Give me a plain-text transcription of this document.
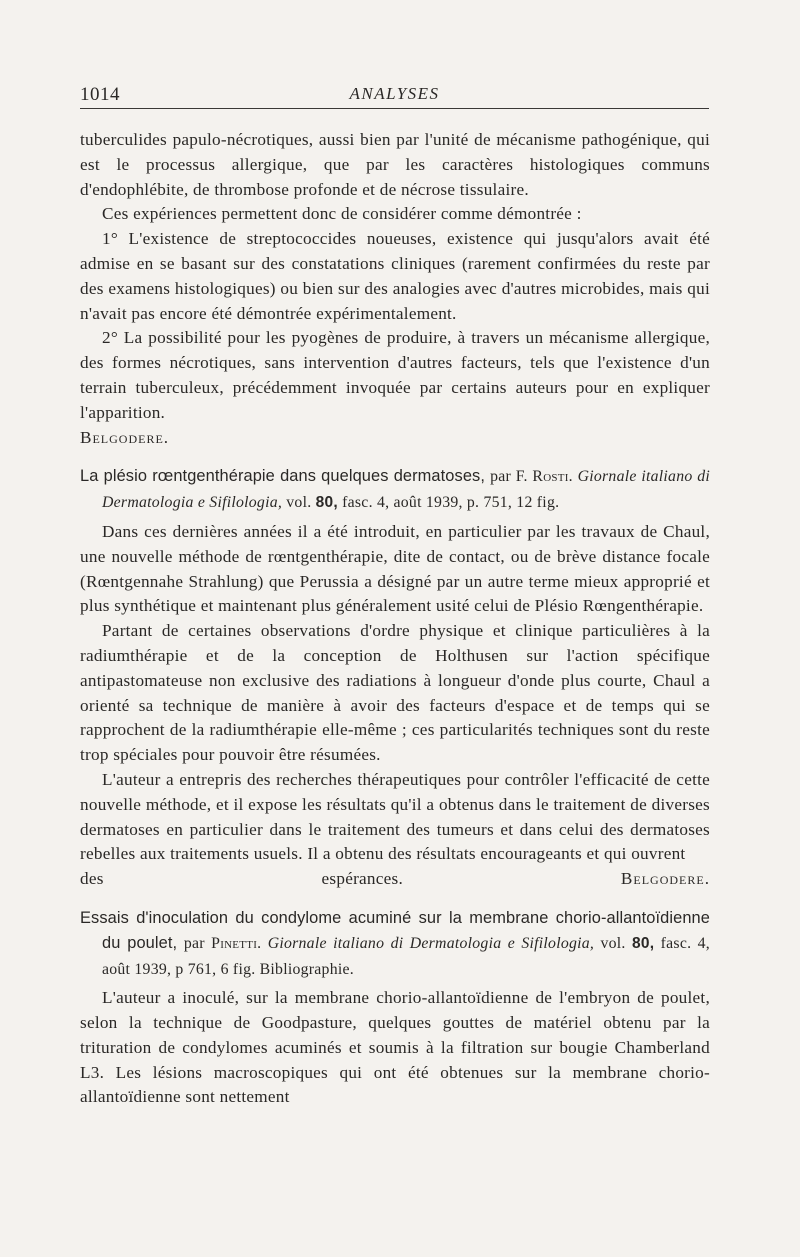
1014	ANALYSES

tuberculides papulo-nécrotiques, aussi bien par l'unité de mécanisme pathogénique, qui est le processus allergique, que par les caractères histologiques communs d'endophlébite, de thrombose profonde et de nécrose tissulaire.

Ces expériences permettent donc de considérer comme démontrée :

1° L'existence de streptococcides noueuses, existence qui jusqu'alors avait été admise en se basant sur des constatations cliniques (rarement confirmées du reste par des examens histologiques) ou bien sur des analogies avec d'autres microbides, mais qui n'avait pas encore été démontrée expérimentalement.

2° La possibilité pour les pyogènes de produire, à travers un mécanisme allergique, des formes nécrotiques, sans intervention d'autres facteurs, tels que l'existence d'un terrain tuberculeux, précédemment invoquée par certains auteurs pour en expliquer l'apparition.

Belgodere.

La plésio rœntgenthérapie dans quelques dermatoses, par F. Rosti. Giornale italiano di Dermatologia e Sifilologia, vol. 80, fasc. 4, août 1939, p. 751, 12 fig.

Dans ces dernières années il a été introduit, en particulier par les travaux de Chaul, une nouvelle méthode de rœntgenthérapie, dite de contact, ou de brève distance focale (Rœntgennahe Strahlung) que Perussia a désigné par un autre terme mieux approprié et plus synthétique et maintenant plus généralement usité celui de Plésio Rœngenthérapie.

Partant de certaines observations d'ordre physique et clinique particulières à la radiumthérapie et de la conception de Holthusen sur l'action spécifique antipastomateuse non exclusive des radiations à longueur d'onde plus courte, Chaul a orienté sa technique de manière à avoir des facteurs d'espace et de temps qui se rapprochent de la radiumthérapie elle-même ; ces particularités techniques sont du reste trop spéciales pour pouvoir être résumées.

L'auteur a entrepris des recherches thérapeutiques pour contrôler l'efficacité de cette nouvelle méthode, et il expose les résultats qu'il a obtenus dans le traitement de diverses dermatoses en particulier dans le traitement des tumeurs et dans celui des dermatoses rebelles aux traitements usuels. Il a obtenu des résultats encourageants et qui ouvrent

des espérances.	Belgodere.

Essais d'inoculation du condylome acuminé sur la membrane chorio-allantoïdienne du poulet, par Pinetti. Giornale italiano di Dermatologia e Sifilologia, vol. 80, fasc. 4, août 1939, p 761, 6 fig. Bibliographie.

L'auteur a inoculé, sur la membrane chorio-allantoïdienne de l'embryon de poulet, selon la technique de Goodpasture, quelques gouttes de matériel obtenu par la trituration de condylomes acuminés et soumis à la filtration sur bougie Chamberland L3. Les lésions macroscopiques qui ont été obtenues sur la membrane chorio-allantoïdienne sont nettement
